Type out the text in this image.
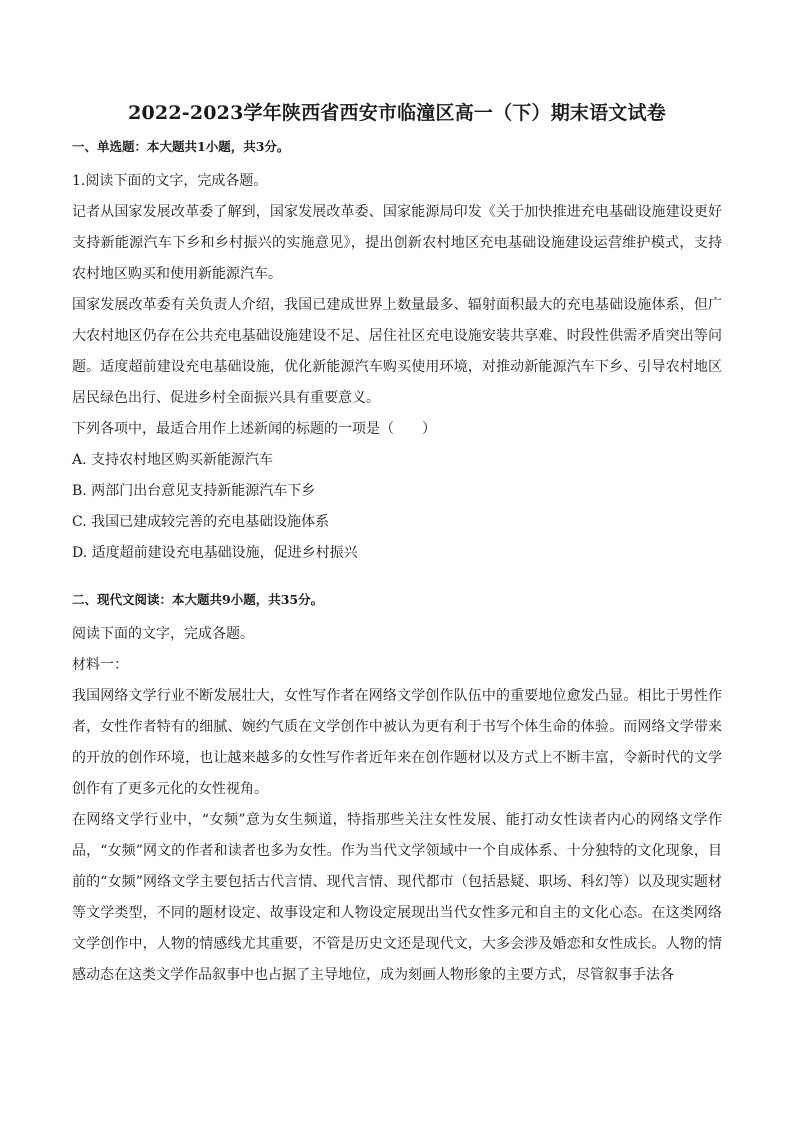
2022-2023学年陕西省西安市临潼区高一（下）期末语文试卷

一、单选题：本大题共1小题，共3分。

1.阅读下面的文字，完成各题。

记者从国家发展改革委了解到，国家发展改革委、国家能源局印发《关于加快推进充电基础设施建设更好支持新能源汽车下乡和乡村振兴的实施意见》，提出创新农村地区充电基础设施建设运营维护模式，支持农村地区购买和使用新能源汽车。

国家发展改革委有关负责人介绍，我国已建成世界上数量最多、辐射面积最大的充电基础设施体系，但广大农村地区仍存在公共充电基础设施建设不足、居住社区充电设施安装共享难、时段性供需矛盾突出等问题。适度超前建设充电基础设施，优化新能源汽车购买使用环境，对推动新能源汽车下乡、引导农村地区居民绿色出行、促进乡村全面振兴具有重要意义。

下列各项中，最适合用作上述新闻的标题的一项是（　　）

A. 支持农村地区购买新能源汽车

B. 两部门出台意见支持新能源汽车下乡

C. 我国已建成较完善的充电基础设施体系

D. 适度超前建设充电基础设施，促进乡村振兴

二、现代文阅读：本大题共9小题，共35分。

阅读下面的文字，完成各题。

材料一：

我国网络文学行业不断发展壮大，女性写作者在网络文学创作队伍中的重要地位愈发凸显。相比于男性作者，女性作者特有的细腻、婉约气质在文学创作中被认为更有利于书写个体生命的体验。而网络文学带来的开放的创作环境，也让越来越多的女性写作者近年来在创作题材以及方式上不断丰富，令新时代的文学创作有了更多元化的女性视角。

在网络文学行业中，“女频”意为女生频道，特指那些关注女性发展、能打动女性读者内心的网络文学作品，“女频”网文的作者和读者也多为女性。作为当代文学领域中一个自成体系、十分独特的文化现象，目前的“女频”网络文学主要包括古代言情、现代言情、现代都市（包括悬疑、职场、科幻等）以及现实题材等文学类型，不同的题材设定、故事设定和人物设定展现出当代女性多元和自主的文化心态。在这类网络文学创作中，人物的情感线尤其重要，不管是历史文还是现代文，大多会涉及婚恋和女性成长。人物的情感动态在这类文学作品叙事中也占据了主导地位，成为刻画人物形象的主要方式，尽管叙事手法各
